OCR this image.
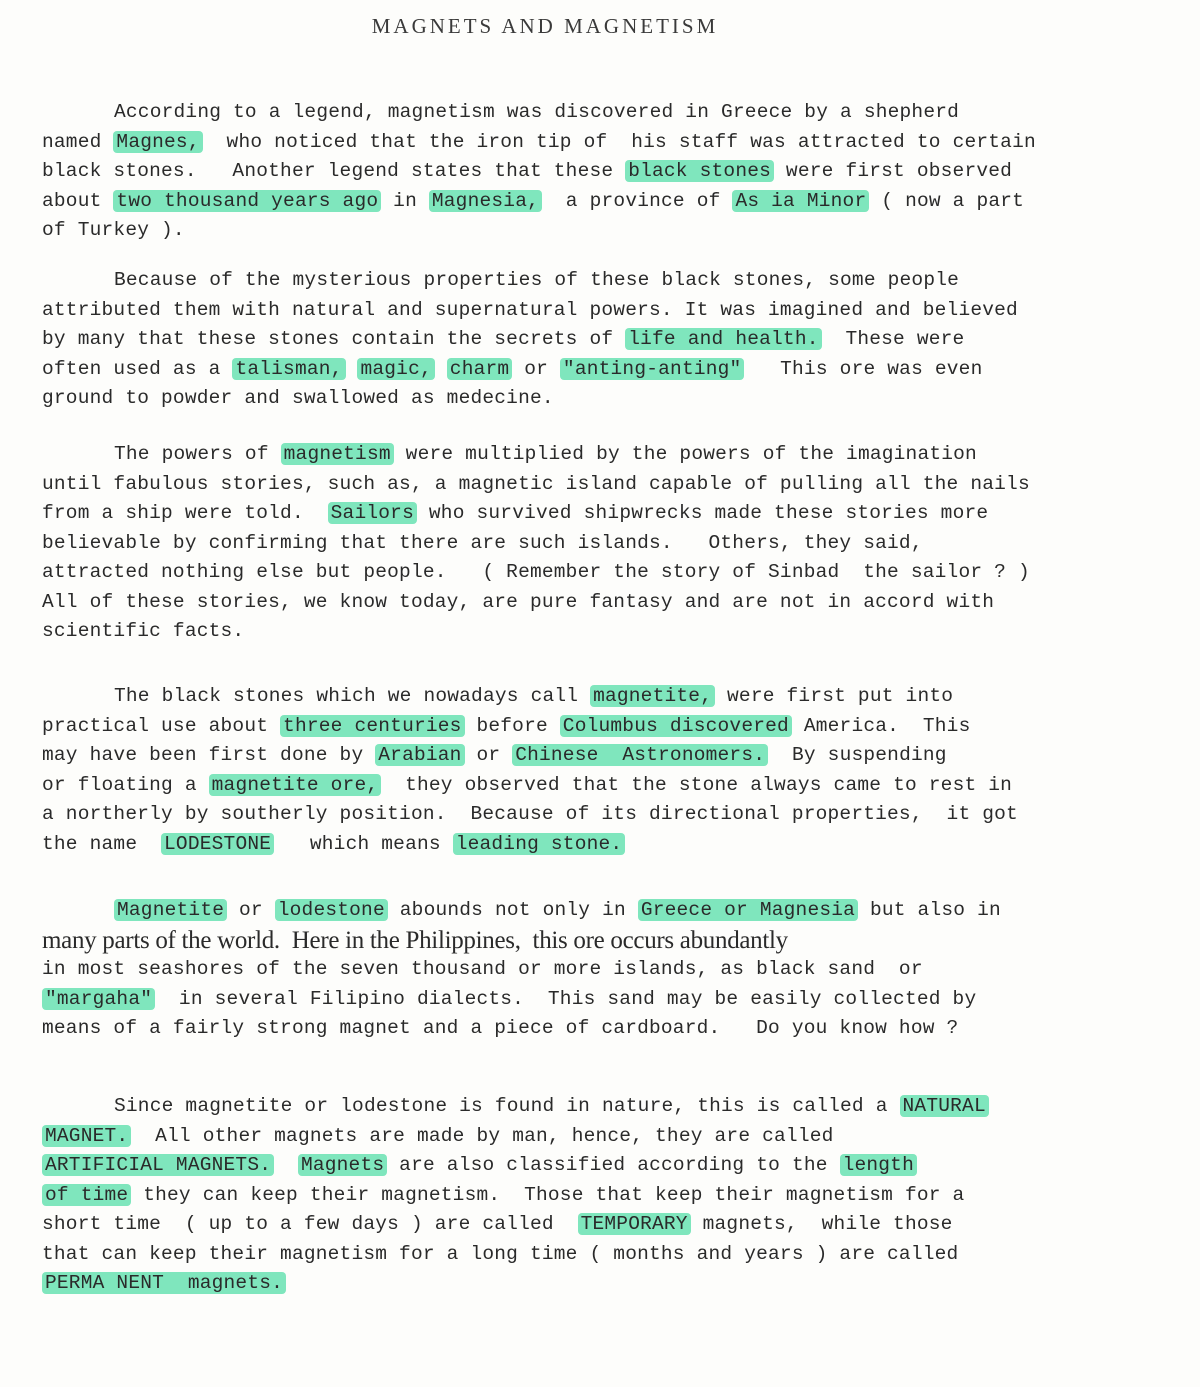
MAGNETS AND MAGNETISM
According to a legend, magnetism was discovered in Greece by a shepherd
named Magnes,  who noticed that the iron tip of  his staff was attracted to certain
black stones.   Another legend states that these black stones were first observed
about two thousand years ago in Magnesia,  a province of As ia Minor ( now a part
of Turkey ).
Because of the mysterious properties of these black stones, some people
attributed them with natural and supernatural powers. It was imagined and believed
by many that these stones contain the secrets of life and health.  These were
often used as a talisman, magic, charm or "anting-anting"   This ore was even
ground to powder and swallowed as medecine.
The powers of magnetism were multiplied by the powers of the imagination
until fabulous stories, such as, a magnetic island capable of pulling all the nails
from a ship were told.  Sailors who survived shipwrecks made these stories more
believable by confirming that there are such islands.   Others, they said,
attracted nothing else but people.   ( Remember the story of Sinbad  the sailor ? )
All of these stories, we know today, are pure fantasy and are not in accord with
scientific facts.
The black stones which we nowadays call magnetite, were first put into
practical use about three centuries before Columbus discovered America.  This
may have been first done by Arabian or Chinese  Astronomers.  By suspending
or floating a magnetite ore,  they observed that the stone always came to rest in
a northerly by southerly position.  Because of its directional properties,  it got
the name  LODESTONE   which means leading stone.
Magnetite or lodestone abounds not only in Greece or Magnesia but also in
many parts of the world.  Here in the Philippines,  this ore occurs abundantly
in most seashores of the seven thousand or more islands, as black sand  or
"margaha"  in several Filipino dialects.  This sand may be easily collected by
means of a fairly strong magnet and a piece of cardboard.   Do you know how ?
Since magnetite or lodestone is found in nature, this is called a NATURAL
MAGNET.  All other magnets are made by man, hence, they are called
ARTIFICIAL MAGNETS. Magnets are also classified according to the length
of time they can keep their magnetism.  Those that keep their magnetism for a
short time  ( up to a few days ) are called  TEMPORARY magnets,  while those
that can keep their magnetism for a long time ( months and years ) are called
PERMA NENT  magnets.
